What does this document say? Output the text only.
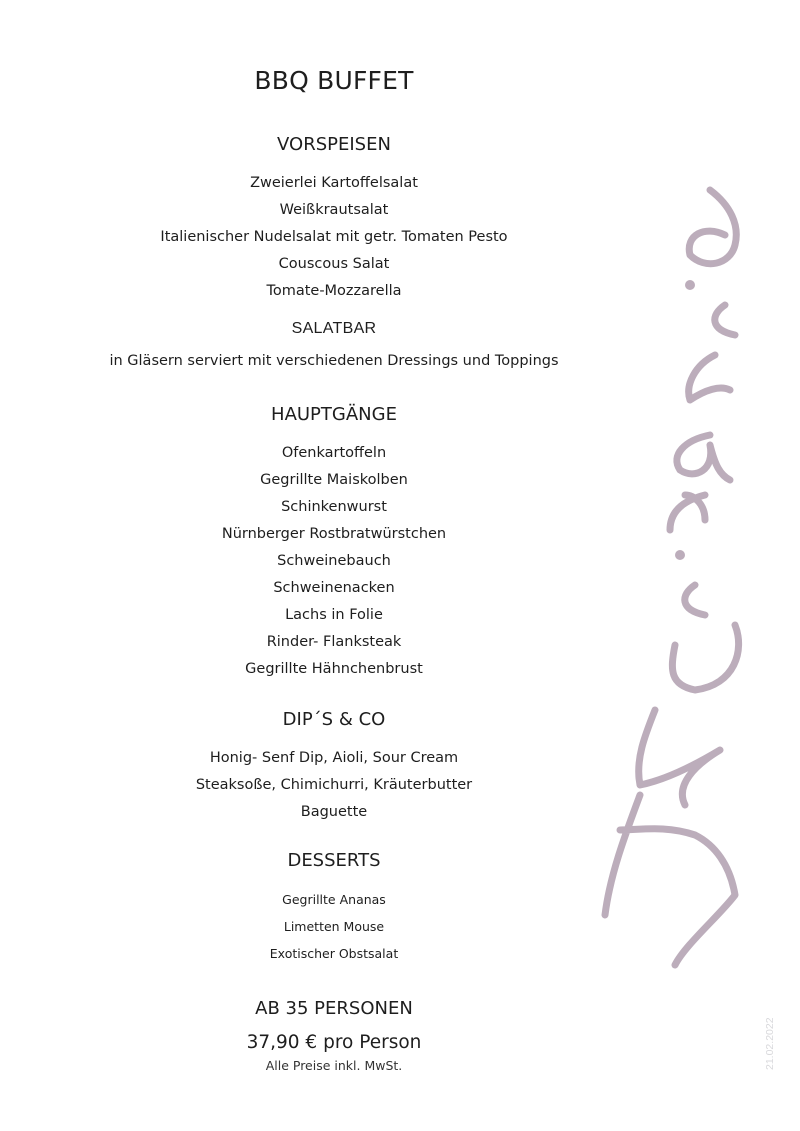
BBQ BUFFET
VORSPEISEN
Zweierlei Kartoffelsalat
Weißkrautsalat
Italienischer Nudelsalat mit getr. Tomaten Pesto
Couscous Salat
Tomate-Mozzarella
SALATBAR
in Gläsern serviert mit verschiedenen Dressings und Toppings
HAUPTGÄNGE
Ofenkartoffeln
Gegrillte Maiskolben
Schinkenwurst
Nürnberger Rostbratwürstchen
Schweinebauch
Schweinenacken
Lachs in Folie
Rinder- Flanksteak
Gegrillte Hähnchenbrust
DIP´S & CO
Honig- Senf Dip, Aioli, Sour Cream
Steaksoße, Chimichurri, Kräuterbutter
Baguette
DESSERTS
Gegrillte Ananas
Limetten Mouse
Exotischer Obstsalat
AB 35 PERSONEN
37,90 € pro Person
Alle Preise inkl. MwSt.	21.02.2022
